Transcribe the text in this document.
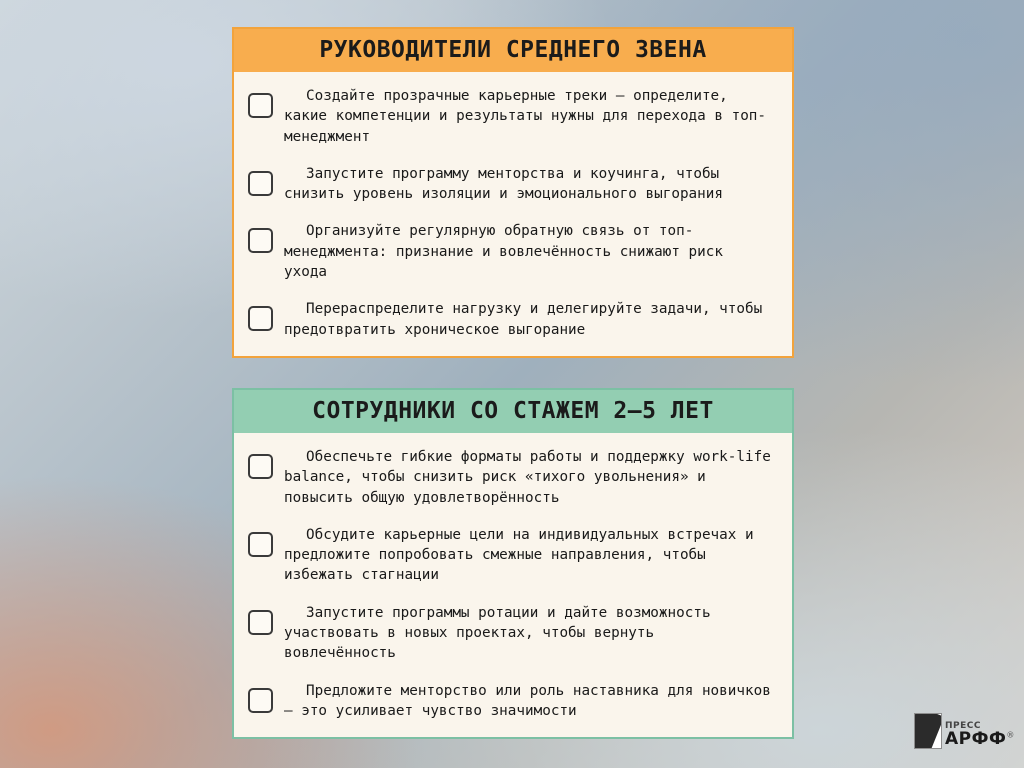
РУКОВОДИТЕЛИ СРЕДНЕГО ЗВЕНА
Создайте прозрачные карьерные треки — определите, какие компетенции и результаты нужны для перехода в топ-менеджмент
Запустите программу менторства и коучинга, чтобы снизить уровень изоляции и эмоционального выгорания
Организуйте регулярную обратную связь от топ-менеджмента: признание и вовлечённость снижают риск ухода
Перераспределите нагрузку и делегируйте задачи, чтобы предотвратить хроническое выгорание
СОТРУДНИКИ СО СТАЖЕМ 2—5 ЛЕТ
Обеспечьте гибкие форматы работы и поддержку work-life balance, чтобы снизить риск «тихого увольнения» и повысить общую удовлетворённость
Обсудите карьерные цели на индивидуальных встречах и предложите попробовать смежные направления, чтобы избежать стагнации
Запустите программы ротации и дайте возможность участвовать в новых проектах, чтобы вернуть вовлечённость
Предложите менторство или роль наставника для новичков — это усиливает чувство значимости
ПРЕСС
АРФФ®
